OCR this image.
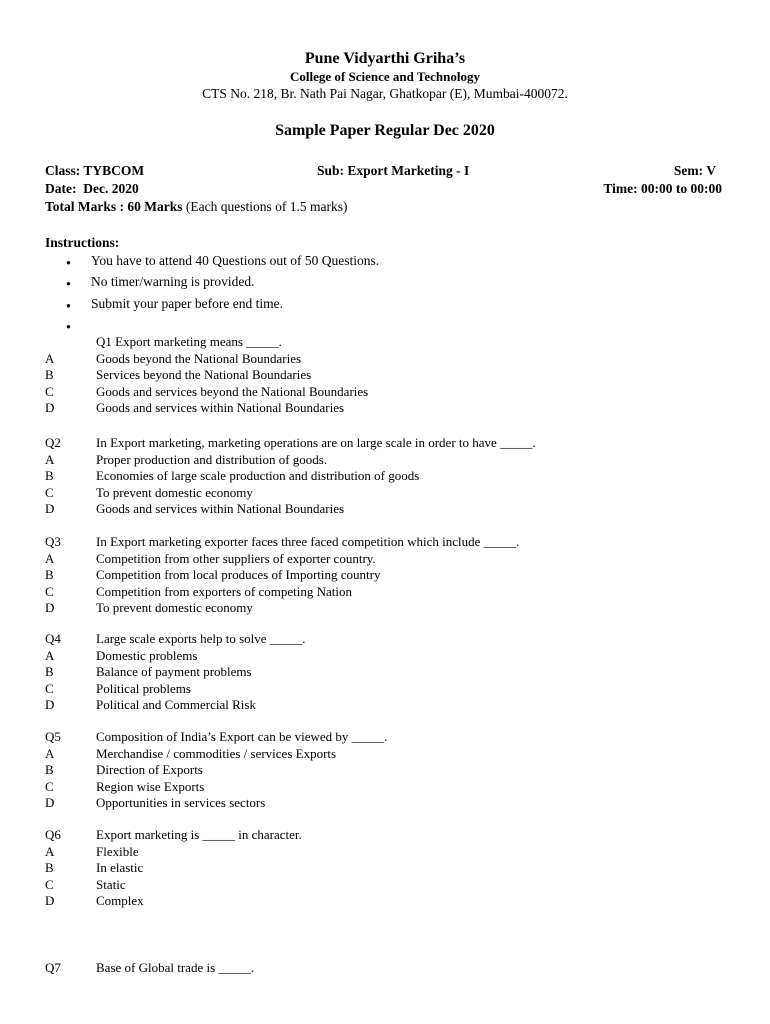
Pune Vidyarthi Griha’s
College of Science and Technology
CTS No. 218, Br. Nath Pai Nagar, Ghatkopar (E), Mumbai-400072.
Sample Paper Regular Dec 2020
Class: TYBCOM	Sub: Export Marketing - I	Sem: V
Date:  Dec. 2020	Time: 00:00 to 00:00
Total Marks : 60 Marks (Each questions of 1.5 marks)
Instructions:
● You have to attend 40 Questions out of 50 Questions.
● No timer/warning is provided.
● Submit your paper before end time.
●
Q1 Export marketing means _____.
A	Goods beyond the National Boundaries
B	Services beyond the National Boundaries
C	Goods and services beyond the National Boundaries
D	Goods and services within National Boundaries
Q2	In Export marketing, marketing operations are on large scale in order to have _____.
A	Proper production and distribution of goods.
B	Economies of large scale production and distribution of goods
C	To prevent domestic economy
D	Goods and services within National Boundaries
Q3	In Export marketing exporter faces three faced competition which include _____.
A	Competition from other suppliers of exporter country.
B	Competition from local produces of Importing country
C	Competition from exporters of competing Nation
D	To prevent domestic economy
Q4	Large scale exports help to solve _____.
A	Domestic problems
B	Balance of payment problems
C	Political problems
D	Political and Commercial Risk
Q5	Composition of India’s Export can be viewed by _____.
A	Merchandise / commodities / services Exports
B	Direction of Exports
C	Region wise Exports
D	Opportunities in services sectors
Q6	Export marketing is _____ in character.
A	Flexible
B	In elastic
C	Static
D	Complex
Q7	Base of Global trade is _____.
